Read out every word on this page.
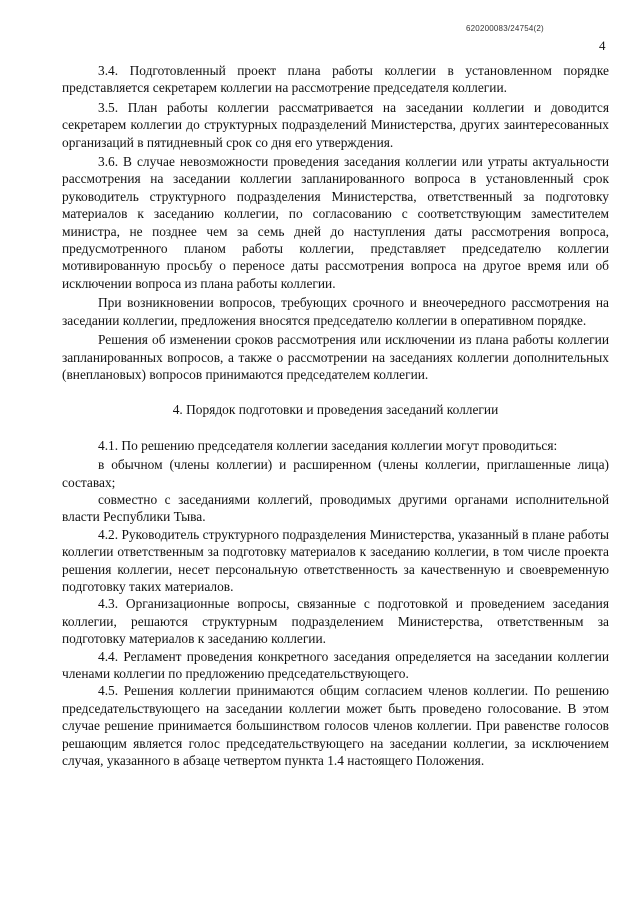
620200083/24754(2)
4

3.4. Подготовленный проект плана работы коллегии в установленном порядке представляется секретарем коллегии на рассмотрение председателя коллегии.

3.5. План работы коллегии рассматривается на заседании коллегии и доводится секретарем коллегии до структурных подразделений Министерства, других заинтересованных организаций в пятидневный срок со дня его утверждения.

3.6. В случае невозможности проведения заседания коллегии или утраты актуальности рассмотрения на заседании коллегии запланированного вопроса в установленный срок руководитель структурного подразделения Министерства, ответственный за подготовку материалов к заседанию коллегии, по согласованию с соответствующим заместителем министра, не позднее чем за семь дней до наступления даты рассмотрения вопроса, предусмотренного планом работы коллегии, представляет председателю коллегии мотивированную просьбу о переносе даты рассмотрения вопроса на другое время или об исключении вопроса из плана работы коллегии.

При возникновении вопросов, требующих срочного и внеочередного рассмотрения на заседании коллегии, предложения вносятся председателю коллегии в оперативном порядке.

Решения об изменении сроков рассмотрения или исключении из плана работы коллегии запланированных вопросов, а также о рассмотрении на заседаниях коллегии дополнительных (внеплановых) вопросов принимаются председателем коллегии.

4. Порядок подготовки и проведения заседаний коллегии

4.1. По решению председателя коллегии заседания коллегии могут проводиться:

в обычном (члены коллегии) и расширенном (члены коллегии, приглашенные лица) составах;

совместно с заседаниями коллегий, проводимых другими органами исполнительной власти Республики Тыва.

4.2. Руководитель структурного подразделения Министерства, указанный в плане работы коллегии ответственным за подготовку материалов к заседанию коллегии, в том числе проекта решения коллегии, несет персональную ответственность за качественную и своевременную подготовку таких материалов.

4.3. Организационные вопросы, связанные с подготовкой и проведением заседания коллегии, решаются структурным подразделением Министерства, ответственным за подготовку материалов к заседанию коллегии.

4.4. Регламент проведения конкретного заседания определяется на заседании коллегии членами коллегии по предложению председательствующего.

4.5. Решения коллегии принимаются общим согласием членов коллегии. По решению председательствующего на заседании коллегии может быть проведено голосование. В этом случае решение принимается большинством голосов членов коллегии. При равенстве голосов решающим является голос председательствующего на заседании коллегии, за исключением случая, указанного в абзаце четвертом пункта 1.4 настоящего Положения.
